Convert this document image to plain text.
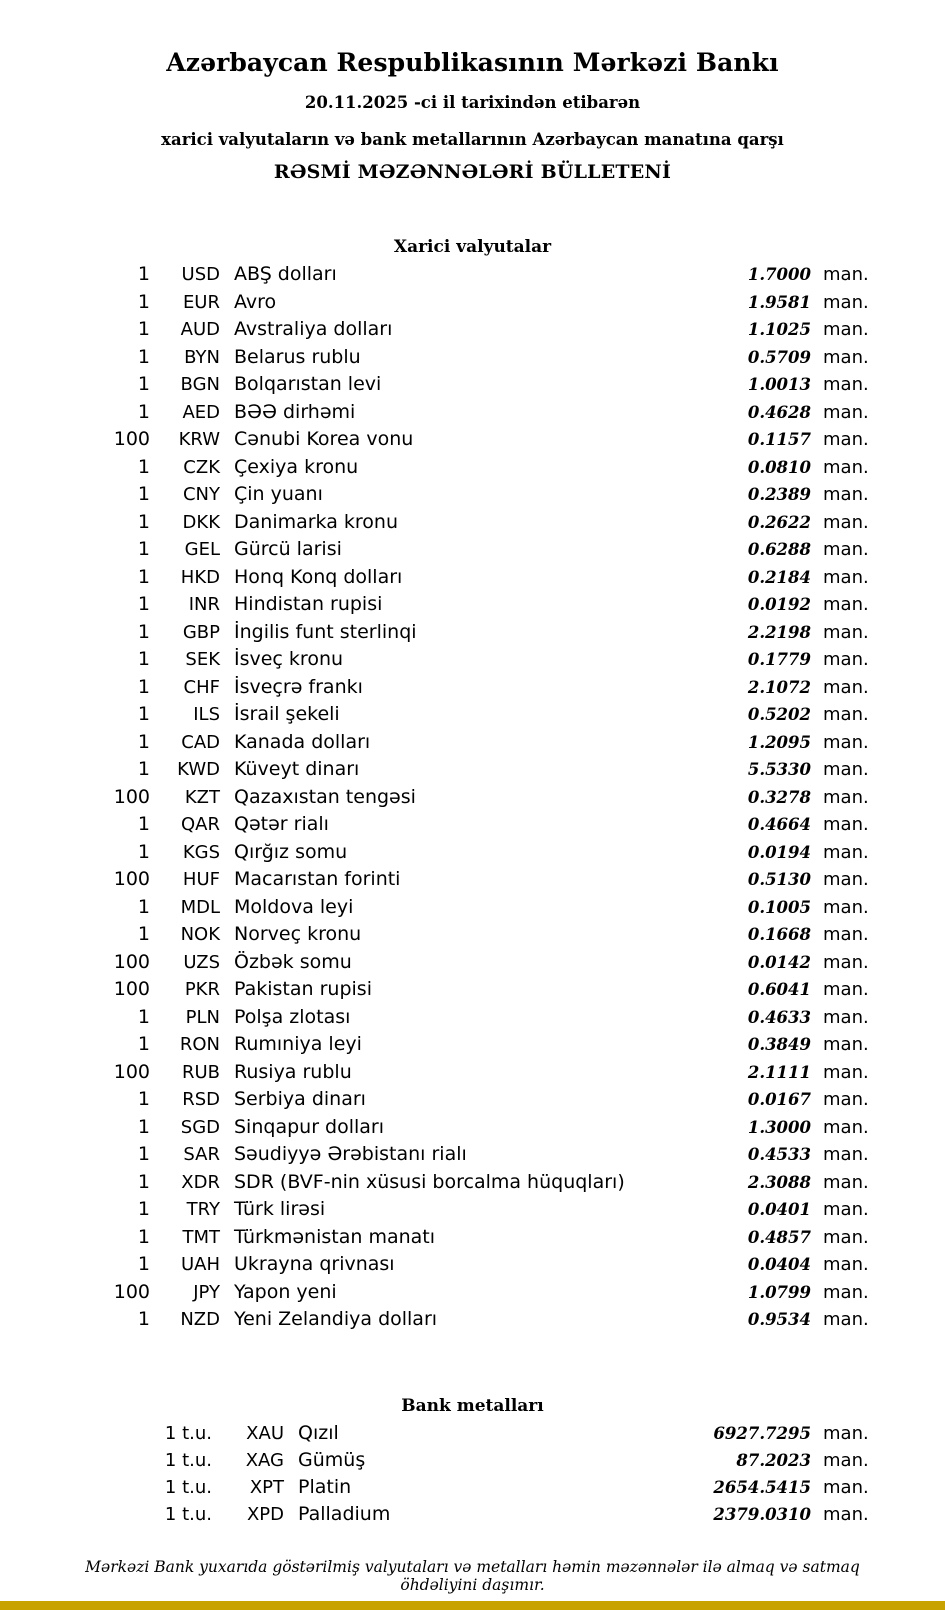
Azərbaycan Respublikasının Mərkəzi Bankı
20.11.2025 -ci il tarixindən etibarən
xarici valyutaların və bank metallarının Azərbaycan manatına qarşı
RƏSMİ MƏZƏNNƏLƏRİ BÜLLETENİ
Xarici valyutalar
1	USD	ABŞ dolları	1.7000	man.
1	EUR	Avro	1.9581	man.
1	AUD	Avstraliya dolları	1.1025	man.
1	BYN	Belarus rublu	0.5709	man.
1	BGN	Bolqarıstan levi	1.0013	man.
1	AED	BƏƏ dirhəmi	0.4628	man.
100	KRW	Cənubi Korea vonu	0.1157	man.
1	CZK	Çexiya kronu	0.0810	man.
1	CNY	Çin yuanı	0.2389	man.
1	DKK	Danimarka kronu	0.2622	man.
1	GEL	Gürcü larisi	0.6288	man.
1	HKD	Honq Konq dolları	0.2184	man.
1	INR	Hindistan rupisi	0.0192	man.
1	GBP	İngilis funt sterlinqi	2.2198	man.
1	SEK	İsveç kronu	0.1779	man.
1	CHF	İsveçrə frankı	2.1072	man.
1	ILS	İsrail şekeli	0.5202	man.
1	CAD	Kanada dolları	1.2095	man.
1	KWD	Küveyt dinarı	5.5330	man.
100	KZT	Qazaxıstan tengəsi	0.3278	man.
1	QAR	Qətər rialı	0.4664	man.
1	KGS	Qırğız somu	0.0194	man.
100	HUF	Macarıstan forinti	0.5130	man.
1	MDL	Moldova leyi	0.1005	man.
1	NOK	Norveç kronu	0.1668	man.
100	UZS	Özbək somu	0.0142	man.
100	PKR	Pakistan rupisi	0.6041	man.
1	PLN	Polşa zlotası	0.4633	man.
1	RON	Rumıniya leyi	0.3849	man.
100	RUB	Rusiya rublu	2.1111	man.
1	RSD	Serbiya dinarı	0.0167	man.
1	SGD	Sinqapur dolları	1.3000	man.
1	SAR	Səudiyyə Ərəbistanı rialı	0.4533	man.
1	XDR	SDR (BVF-nin xüsusi borcalma hüquqları)	2.3088	man.
1	TRY	Türk lirəsi	0.0401	man.
1	TMT	Türkmənistan manatı	0.4857	man.
1	UAH	Ukrayna qrivnası	0.0404	man.
100	JPY	Yapon yeni	1.0799	man.
1	NZD	Yeni Zelandiya dolları	0.9534	man.
Bank metalları
1 t.u.	XAU	Qızıl	6927.7295	man.
1 t.u.	XAG	Gümüş	87.2023	man.
1 t.u.	XPT	Platin	2654.5415	man.
1 t.u.	XPD	Palladium	2379.0310	man.
Mərkəzi Bank yuxarıda göstərilmiş valyutaları və metalları həmin məzənnələr ilə almaq və satmaq öhdəliyini daşımır.
